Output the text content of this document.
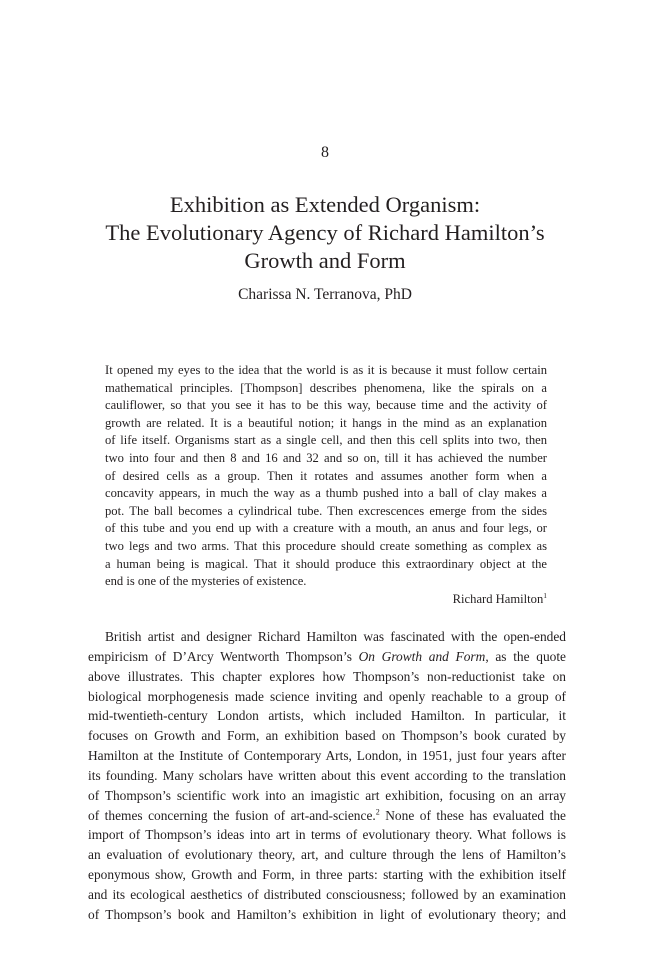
8
Exhibition as Extended Organism:
The Evolutionary Agency of Richard Hamilton’s
Growth and Form
Charissa N. Terranova, PhD
It opened my eyes to the idea that the world is as it is because it must follow certain
mathematical principles. [Thompson] describes phenomena, like the spirals on a
cauliflower, so that you see it has to be this way, because time and the activity of
growth are related. It is a beautiful notion; it hangs in the mind as an explanation
of life itself. Organisms start as a single cell, and then this cell splits into two, then
two into four and then 8 and 16 and 32 and so on, till it has achieved the number
of desired cells as a group. Then it rotates and assumes another form when a
concavity appears, in much the way as a thumb pushed into a ball of clay makes a
pot. The ball becomes a cylindrical tube. Then excrescences emerge from the sides
of this tube and you end up with a creature with a mouth, an anus and four legs, or
two legs and two arms. That this procedure should create something as complex as
a human being is magical. That it should produce this extraordinary object at the
end is one of the mysteries of existence.
Richard Hamilton$^1$
British artist and designer Richard Hamilton was fascinated with the open-ended
empiricism of D’Arcy Wentworth Thompson’s On Growth and Form, as the quote
above illustrates. This chapter explores how Thompson’s non-reductionist take on
biological morphogenesis made science inviting and openly reachable to a group of
mid-twentieth-century London artists, which included Hamilton. In particular, it
focuses on Growth and Form, an exhibition based on Thompson’s book curated by
Hamilton at the Institute of Contemporary Arts, London, in 1951, just four years after
its founding. Many scholars have written about this event according to the translation
of Thompson’s scientific work into an imagistic art exhibition, focusing on an array
of themes concerning the fusion of art-and-science.$^2$ None of these has evaluated the
import of Thompson’s ideas into art in terms of evolutionary theory. What follows is
an evaluation of evolutionary theory, art, and culture through the lens of Hamilton’s
eponymous show, Growth and Form, in three parts: starting with the exhibition itself
and its ecological aesthetics of distributed consciousness; followed by an examination
of Thompson’s book and Hamilton’s exhibition in light of evolutionary theory; and
